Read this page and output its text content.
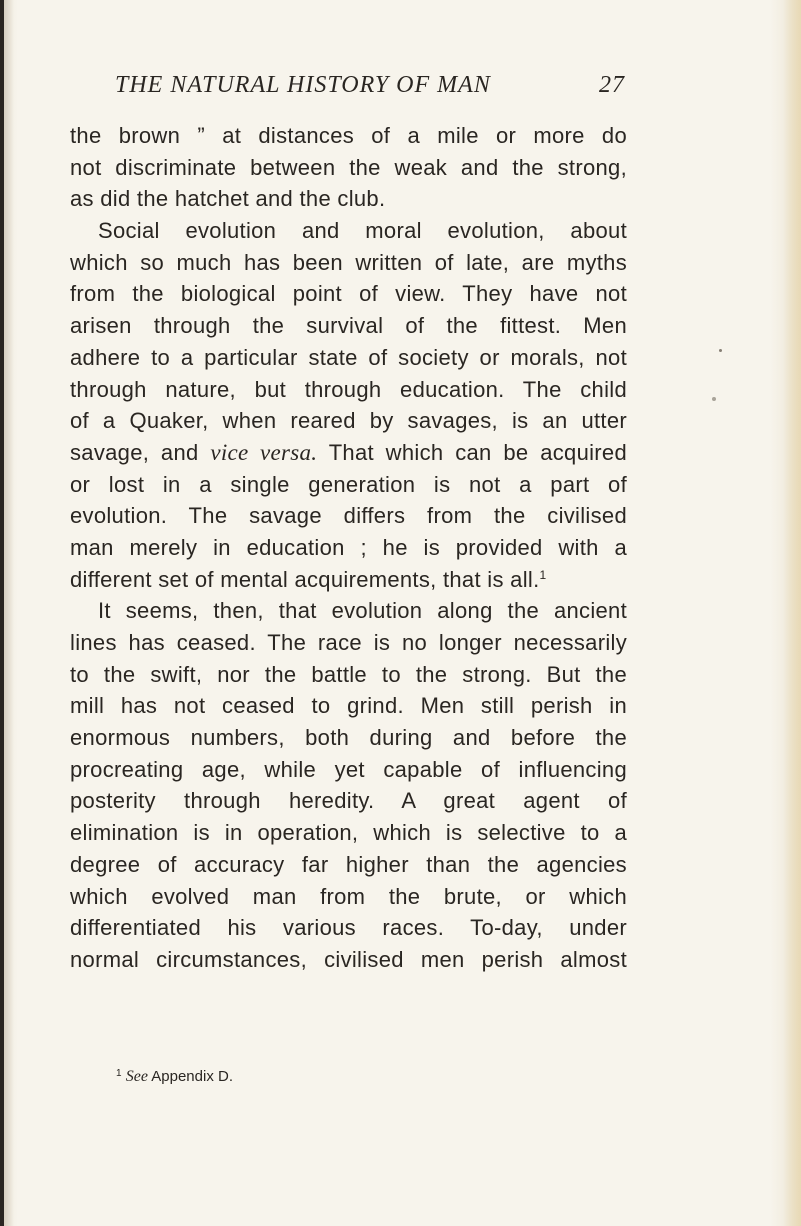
THE NATURAL HISTORY OF MAN	27
the brown ” at distances of a mile or more do
not discriminate between the weak and the strong,
as did the hatchet and the club.
Social evolution and moral evolution, about
which so much has been written of late, are myths
from the biological point of view. They have not
arisen through the survival of the fittest. Men
adhere to a particular state of society or morals, not
through nature, but through education. The child
of a Quaker, when reared by savages, is an utter
savage, and vice versa. That which can be acquired
or lost in a single generation is not a part of
evolution. The savage differs from the civilised
man merely in education ; he is provided with a
different set of mental acquirements, that is all.$^1$
It seems, then, that evolution along the ancient
lines has ceased. The race is no longer necessarily
to the swift, nor the battle to the strong. But the
mill has not ceased to grind. Men still perish in
enormous numbers, both during and before the
procreating age, while yet capable of influencing
posterity through heredity. A great agent of
elimination is in operation, which is selective to a
degree of accuracy far higher than the agencies
which evolved man from the brute, or which
differentiated his various races. To-day, under
normal circumstances, civilised men perish almost
$^1$ See Appendix D.
